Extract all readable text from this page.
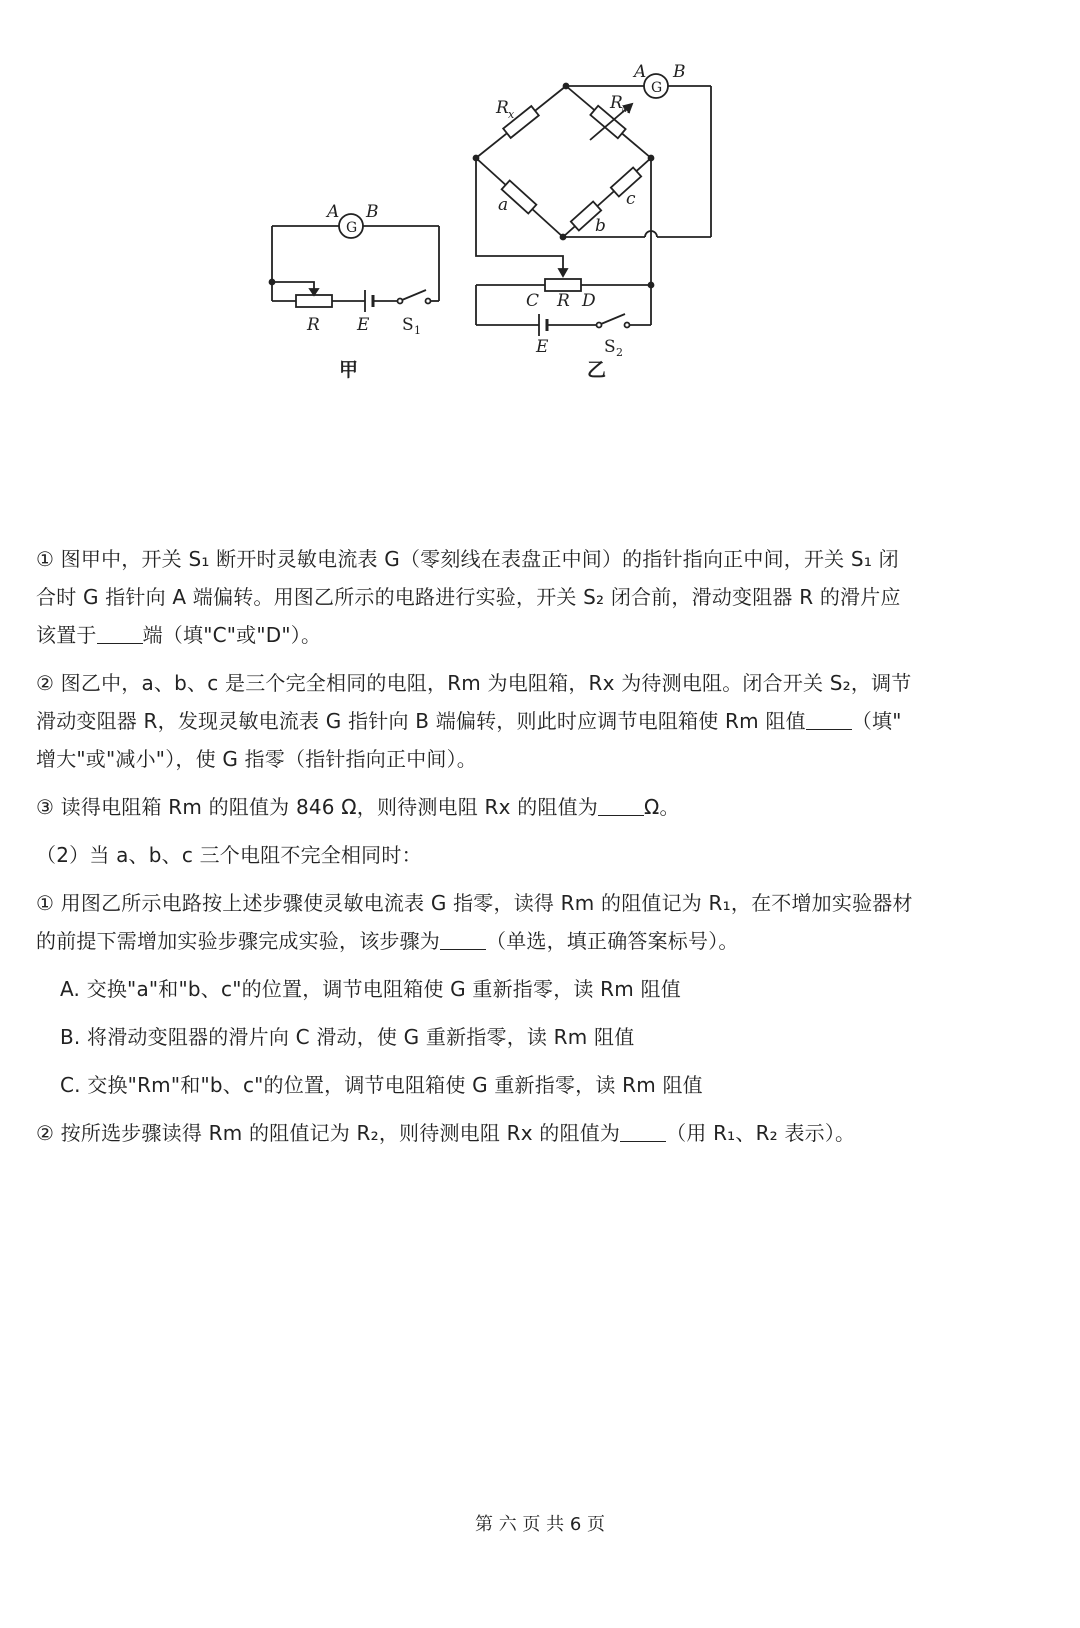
A B
G
R E S 1
甲
A B
G
R x
R
M
a
b
c
C R D
E	S 2
乙
① 图甲中，开关 S₁ 断开时灵敏电流表 G（零刻线在表盘正中间）的指针指向正中间，开关 S₁ 闭
合时 G 指针向 A 端偏转。用图乙所示的电路进行实验，开关 S₂ 闭合前，滑动变阻器 R 的滑片应
该置于 端（填"C"或"D"）。
② 图乙中，a、b、c 是三个完全相同的电阻，Rm 为电阻箱，Rx 为待测电阻。闭合开关 S₂，调节
滑动变阻器 R，发现灵敏电流表 G 指针向 B 端偏转，则此时应调节电阻箱使 Rm 阻值 （填"
增大"或"减小"），使 G 指零（指针指向正中间）。
③ 读得电阻箱 Rm 的阻值为 846 Ω，则待测电阻 Rx 的阻值为 Ω。
（2）当 a、b、c 三个电阻不完全相同时：
① 用图乙所示电路按上述步骤使灵敏电流表 G 指零，读得 Rm 的阻值记为 R₁，在不增加实验器材
的前提下需增加实验步骤完成实验，该步骤为 （单选，填正确答案标号）。
A. 交换"a"和"b、c"的位置，调节电阻箱使 G 重新指零，读 Rm 阻值
B. 将滑动变阻器的滑片向 C 滑动，使 G 重新指零，读 Rm 阻值
C. 交换"Rm"和"b、c"的位置，调节电阻箱使 G 重新指零，读 Rm 阻值
② 按所选步骤读得 Rm 的阻值记为 R₂，则待测电阻 Rx 的阻值为 （用 R₁、R₂ 表示）。
第 六 页 共 6 页
